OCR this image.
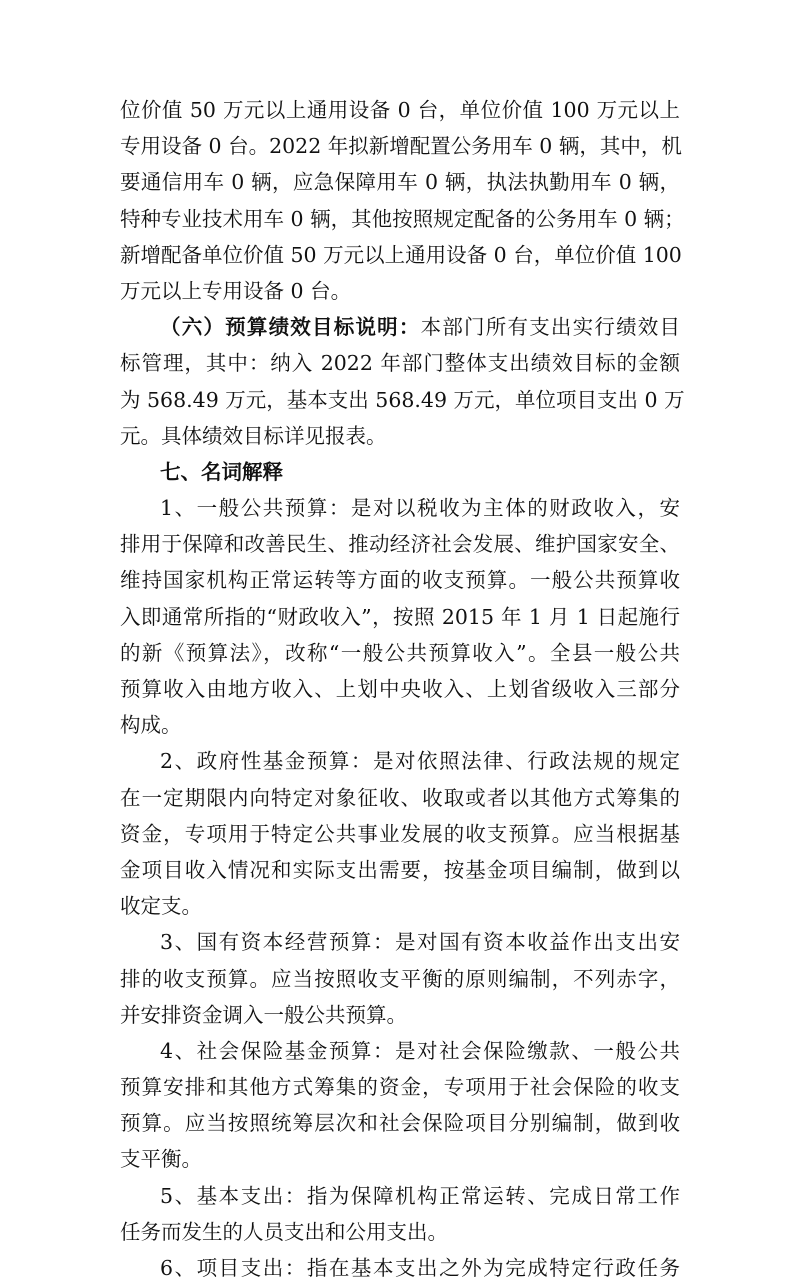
位价值 50 万元以上通用设备 0 台，单位价值 100 万元以上
专用设备 0 台。2022 年拟新增配置公务用车 0 辆，其中，机
要通信用车 0 辆，应急保障用车 0 辆，执法执勤用车 0 辆，
特种专业技术用车 0 辆，其他按照规定配备的公务用车 0 辆；
新增配备单位价值 50 万元以上通用设备 0 台，单位价值 100
万元以上专用设备 0 台。
（六）预算绩效目标说明：本部门所有支出实行绩效目
标管理，其中：纳入 2022 年部门整体支出绩效目标的金额
为 568.49 万元，基本支出 568.49 万元，单位项目支出 0 万
元。具体绩效目标详见报表。
七、名词解释
1、一般公共预算：是对以税收为主体的财政收入，安
排用于保障和改善民生、推动经济社会发展、维护国家安全、
维持国家机构正常运转等方面的收支预算。一般公共预算收
入即通常所指的“财政收入”，按照 2015 年 1 月 1 日起施行
的新《预算法》，改称“一般公共预算收入”。全县一般公共
预算收入由地方收入、上划中央收入、上划省级收入三部分
构成。
2、政府性基金预算：是对依照法律、行政法规的规定
在一定期限内向特定对象征收、收取或者以其他方式筹集的
资金，专项用于特定公共事业发展的收支预算。应当根据基
金项目收入情况和实际支出需要，按基金项目编制，做到以
收定支。
3、国有资本经营预算：是对国有资本收益作出支出安
排的收支预算。应当按照收支平衡的原则编制，不列赤字，
并安排资金调入一般公共预算。
4、社会保险基金预算：是对社会保险缴款、一般公共
预算安排和其他方式筹集的资金，专项用于社会保险的收支
预算。应当按照统筹层次和社会保险项目分别编制，做到收
支平衡。
5、基本支出：指为保障机构正常运转、完成日常工作
任务而发生的人员支出和公用支出。
6、项目支出：指在基本支出之外为完成特定行政任务
